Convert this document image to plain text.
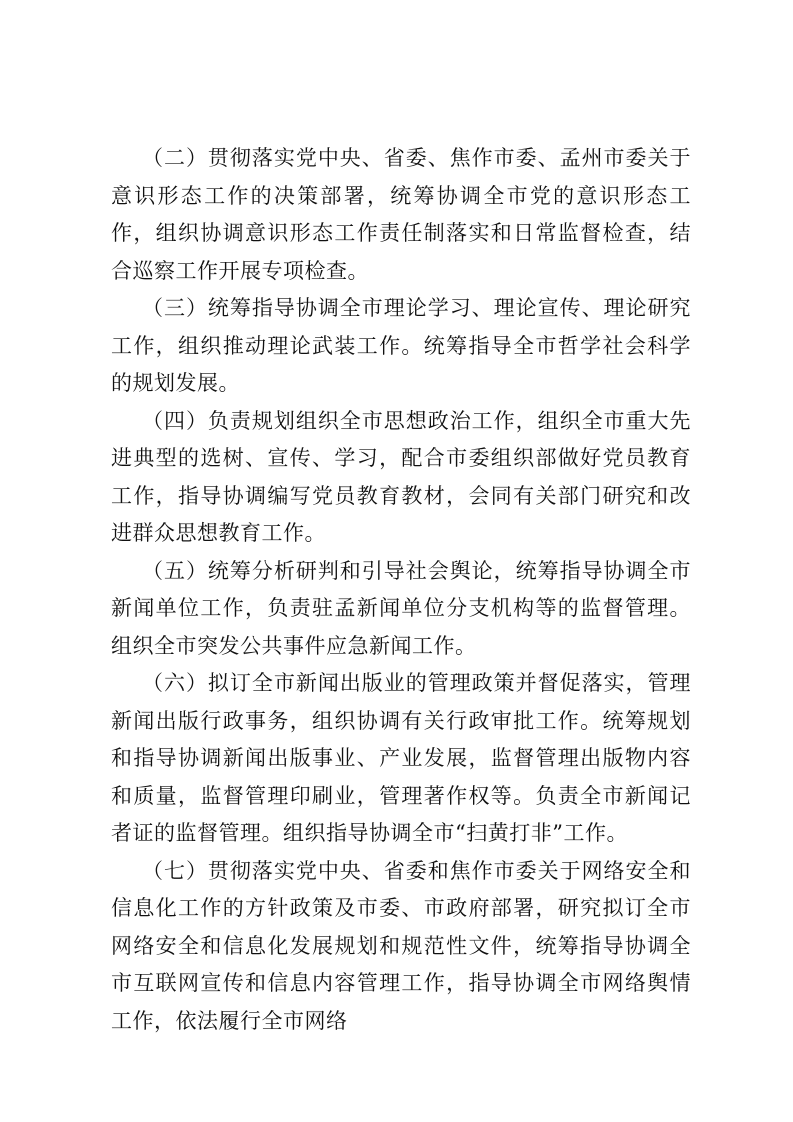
（二）贯彻落实党中央、省委、焦作市委、孟州市委关于意识形态工作的决策部署，统筹协调全市党的意识形态工作，组织协调意识形态工作责任制落实和日常监督检查，结合巡察工作开展专项检查。

（三）统筹指导协调全市理论学习、理论宣传、理论研究工作，组织推动理论武装工作。统筹指导全市哲学社会科学的规划发展。

（四）负责规划组织全市思想政治工作，组织全市重大先进典型的选树、宣传、学习，配合市委组织部做好党员教育工作，指导协调编写党员教育教材，会同有关部门研究和改进群众思想教育工作。

（五）统筹分析研判和引导社会舆论，统筹指导协调全市新闻单位工作，负责驻孟新闻单位分支机构等的监督管理。组织全市突发公共事件应急新闻工作。

（六）拟订全市新闻出版业的管理政策并督促落实，管理新闻出版行政事务，组织协调有关行政审批工作。统筹规划和指导协调新闻出版事业、产业发展，监督管理出版物内容和质量，监督管理印刷业，管理著作权等。负责全市新闻记者证的监督管理。组织指导协调全市“扫黄打非”工作。

（七）贯彻落实党中央、省委和焦作市委关于网络安全和信息化工作的方针政策及市委、市政府部署，研究拟订全市网络安全和信息化发展规划和规范性文件，统筹指导协调全市互联网宣传和信息内容管理工作，指导协调全市网络舆情工作，依法履行全市网络
